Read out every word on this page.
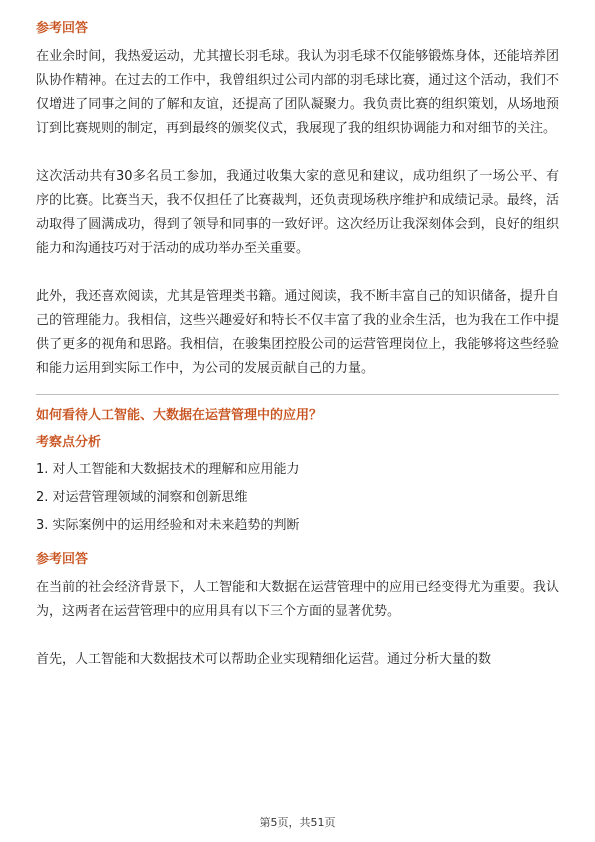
参考回答

在业余时间，我热爱运动，尤其擅长羽毛球。我认为羽毛球不仅能够锻炼身体，还能培养团队协作精神。在过去的工作中，我曾组织过公司内部的羽毛球比赛，通过这个活动，我们不仅增进了同事之间的了解和友谊，还提高了团队凝聚力。我负责比赛的组织策划，从场地预订到比赛规则的制定，再到最终的颁奖仪式，我展现了我的组织协调能力和对细节的关注。

这次活动共有30多名员工参加，我通过收集大家的意见和建议，成功组织了一场公平、有序的比赛。比赛当天，我不仅担任了比赛裁判，还负责现场秩序维护和成绩记录。最终，活动取得了圆满成功，得到了领导和同事的一致好评。这次经历让我深刻体会到，良好的组织能力和沟通技巧对于活动的成功举办至关重要。

此外，我还喜欢阅读，尤其是管理类书籍。通过阅读，我不断丰富自己的知识储备，提升自己的管理能力。我相信，这些兴趣爱好和特长不仅丰富了我的业余生活，也为我在工作中提供了更多的视角和思路。我相信，在骏集团控股公司的运营管理岗位上，我能够将这些经验和能力运用到实际工作中，为公司的发展贡献自己的力量。

如何看待人工智能、大数据在运营管理中的应用？

考察点分析

1. 对人工智能和大数据技术的理解和应用能力
2. 对运营管理领域的洞察和创新思维
3. 实际案例中的运用经验和对未来趋势的判断

参考回答

在当前的社会经济背景下，人工智能和大数据在运营管理中的应用已经变得尤为重要。我认为，这两者在运营管理中的应用具有以下三个方面的显著优势。

首先，人工智能和大数据技术可以帮助企业实现精细化运营。通过分析大量的数

第5页，共51页
